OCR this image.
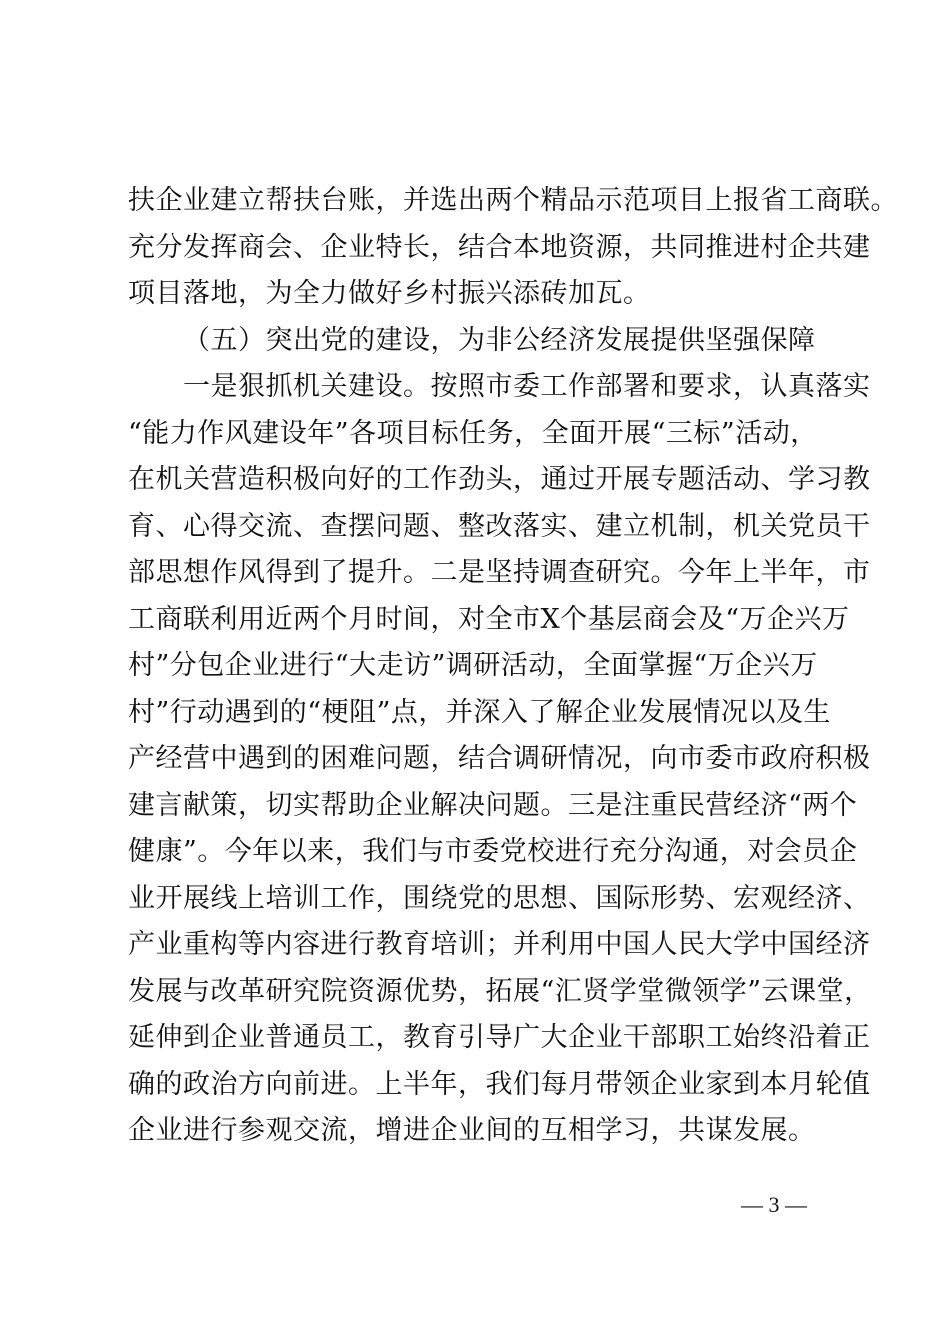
扶企业建立帮扶台账，并选出两个精品示范项目上报省工商联。
充分发挥商会、企业特长，结合本地资源，共同推进村企共建
项目落地，为全力做好乡村振兴添砖加瓦。
（五）突出党的建设，为非公经济发展提供坚强保障
一是狠抓机关建设。按照市委工作部署和要求，认真落实
“能力作风建设年”各项目标任务，全面开展“三标”活动，
在机关营造积极向好的工作劲头，通过开展专题活动、学习教
育、心得交流、查摆问题、整改落实、建立机制，机关党员干
部思想作风得到了提升。二是坚持调查研究。今年上半年，市
工商联利用近两个月时间，对全市X个基层商会及“万企兴万
村”分包企业进行“大走访”调研活动，全面掌握“万企兴万
村”行动遇到的“梗阻”点，并深入了解企业发展情况以及生
产经营中遇到的困难问题，结合调研情况，向市委市政府积极
建言献策，切实帮助企业解决问题。三是注重民营经济“两个
健康”。今年以来，我们与市委党校进行充分沟通，对会员企
业开展线上培训工作，围绕党的思想、国际形势、宏观经济、
产业重构等内容进行教育培训；并利用中国人民大学中国经济
发展与改革研究院资源优势，拓展“汇贤学堂微领学”云课堂，
延伸到企业普通员工，教育引导广大企业干部职工始终沿着正
确的政治方向前进。上半年，我们每月带领企业家到本月轮值
企业进行参观交流，增进企业间的互相学习，共谋发展。
— 3 —
